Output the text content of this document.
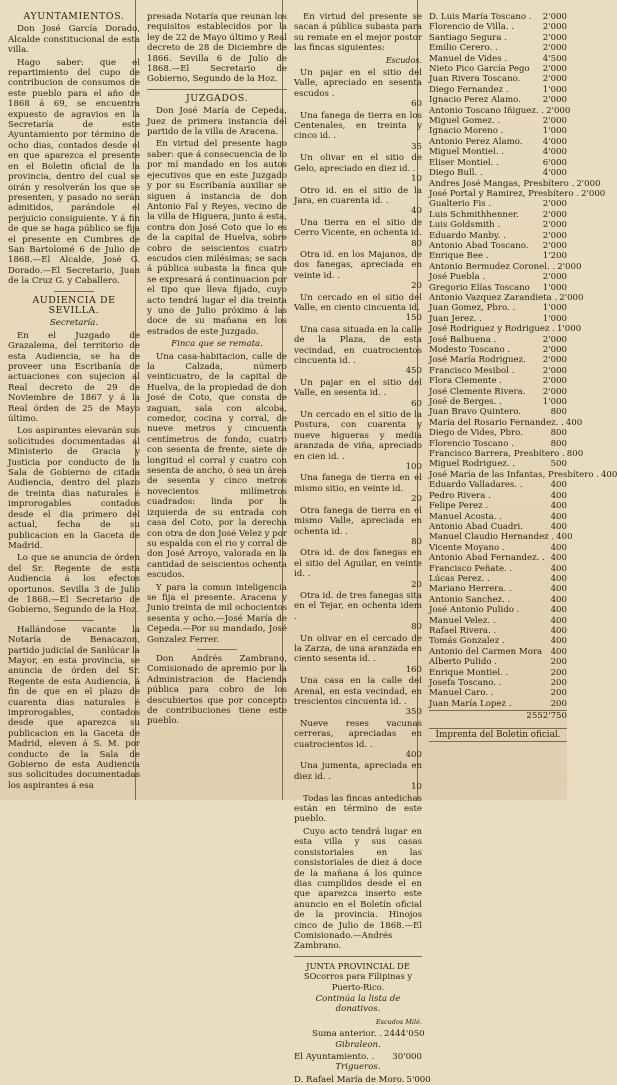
AYUNTAMIENTOS.

Don José García Dorado, Alcalde constitucional de esta villa.

Hago saber: que el repartimiento del cupo de contribucion de consumos de este pueblo para el año de 1868 á 69, se encuentra expuesto de agravios en la Secretaría de este Ayuntamiento por término de ocho dias, contados desde el en que aparezca el presente en el Boletin oficial de la provincia, dentro del cual se oirán y resolverán los que se presenten, y pasado no serán admitidos, parándole el perjuicio consiguiente. Y á fin de que se haga público se fija el presente en Cumbres de San Bartolomé 6 de Julio de 1868.—El Alcalde, José G. Dorado.—El Secretario, Juan de la Cruz G. y Caballero.

AUDIENCIA DE SEVILLA.
Secretaría.

En el Juzgado de Grazalema, del territorio de esta Audiencia, se ha de proveer una Escribanía de actuaciones con sujecion al Real decreto de 29 de Noviembre de 1867 y á la Real órden de 25 de Mayo último.

Los aspirantes elevarán sus solicitudes documentadas al Ministerio de Gracia y Justicia por conducto de la Sala de Gobierno de citada Audiencia, dentro del plazo de treinta dias naturales é improrogables contados desde el dia primero del actual, fecha de su publicacion en la Gaceta de Madrid.

Lo que se anuncia de órden del Sr. Regente de esta Audiencia á los efectos oportunos. Sevilla 3 de Julio de 1868.—El Secretario de Gobierno, Segundo de la Hoz.

Hallándose vacante la Notaría de Benacazon, partido judicial de Sanlúcar la Mayor, en esta provincia, se anuncia de órden del Sr. Regente de esta Audiencia, á fin de que en el plazo de cuarenta dias naturales é improrogables, contados desde que aparezca su publicacion en la Gaceta de Madrid, eleven á S. M. por conducto de la Sala de Gobierno de esta Audiencia sus solicitudes documentadas los aspirantes á esa

presada Notaría que reunan los requisitos establecidos por la ley de 22 de Mayo último y Real decreto de 28 de Diciembre de 1866. Sevilla 6 de Julio de 1868.—El Secretario de Gobierno, Segundo de la Hoz.

JUZGADOS.

Don José María de Cepeda, Juez de primera instancia del partido de la villa de Aracena.

En virtud del presente hago saber: que á consecuencia de lo por mí mandado en los autos ejecutivos que en este Juzgado y por su Escribanía auxiliar se siguen á instancia de don Antonio Fal y Reyes, vecino de la villa de Higuera, junto á esta, contra don José Coto que lo es de la capital de Huelva, sobre cobro de seiscientos cuatro escudos cien milésimas; se saca á pública subasta la finca que se expresará á continuacion por el tipo que lleva fijado, cuyo acto tendrá lugar el dia treinta y uno de Julio próximo á las doce de su mañana en los estrados de este Juzgado.

Finca que se remata.

Una casa-habitacion, calle de la Calzada, número veinticuatro, de la capital de Huelva, de la propiedad de don José de Coto, que consta de zaguan, sala con alcoba, comedor, cocina y corral, de nueve metros y cincuenta centímetros de fondo, cuatro con sesenta de frente, siete de longitud el corral y cuatro con sesenta de ancho, ó sea un área de sesenta y cinco metros novecientos milímetros cuadrados: linda por la izquierda de su entrada con casa del Coto, por la derecha con otra de don José Velez y por su espalda con el rio y corral de don José Arroyo, valorada en la cantidad de seiscientos ochenta escudos.

Y para la comun inteligencia se fija el presente. Aracena y Junio treinta de mil ochocientos sesenta y ocho.—José María de Cepeda.—Por su mandado, José Gonzalez Ferrer.

Don Andrés Zambrano, Comisionado de apremio por la Administracion de Hacienda pública para cobro de los descubiertos que por concepto de contribuciones tiene este pueblo.

En virtud del presente se sacan á pública subasta para su remate en el mejor postor las fincas siguientes:

Escudos.
Un pajar en el sitio del Valle, apreciado en sesenta escudos .
60
Una fanega de tierra en los Centenales, en treinta y cinco id. .
35
Un olivar en el sitio de Gelo, apreciado en diez id. .
10
Otro id. en el sitio de la Jara, en cuarenta id. .
40
Una tierra en el sitio de Cerro Vicente, en ochenta id.
80
Otra id. en los Majanos, de dos fanegas, apreciada en veinte id. .
20
Un cercado en el sitio del Valle, en ciento cincuenta id.
150
Una casa situada en la calle de la Plaza, de esta vecindad, en cuatrocientos cincuenta id. .
450
Un pajar en el sitio del Valle, en sesenta id. .
60
Un cercado en el sitio de la Postura, con cuarenta y nueve higueras y media aranzada de viña, apreciado en cien id. .
100
Una fanega de tierra en el mismo sitio, en veinte id.
20
Otra fanega de tierra en el mismo Valle, apreciada en ochenta id. .
80
Otra id. de dos fanegas en el sitio del Aguilar, en veinte id. .
20
Otra id. de tres fanegas sita en el Tejar, en ochenta idem .
80
Un olivar en el cercado de la Zarza, de una aranzada en ciento sesenta id. .
160
Una casa en la calle del Arenal, en esta vecindad, en trescientos cincuenta id. .
350
Nueve reses vacunas cerreras, apreciadas en cuatrocientos id. .
400
Una jumenta, apreciada en diez id. .
10

Todas las fincas antedichas están en término de este pueblo.

Cuyo acto tendrá lugar en esta villa y sus casas consistoriales en las consistoriales de diez á doce de la mañana á los quince dias cumplidos desde el en que aparezca inserto este anuncio en el Boletín oficial de la provincia. Hinojos cinco de Julio de 1868.—El Comisionado.—Andrés Zambrano.

JUNTA PROVINCIAL DE SOcorros para Filipinas y Puerto-Rico.
Continúa la lista de donativos.
Escudos Milé.
Suma anterior. . 2444'050
Gibraleon.
El Ayuntamiento. . 30'000
Trigueros.
D. Rafael María de Moro. 5'000
D. Luis María Toscano . 2'000
Florencio de Villa. .	2'000
Santiago Segura .	2'000
Emilio Cerero. .	2'000
Manuel de Vides .	4'500
Nieto Pico García Pego 2'000
Juan Rivera Toscano.	2'000
Diego Fernandez .	1'000
Ignacio Perez Alamo.	2'000
Antonio Toscano Iñiguez. . 2'000
Miguel Gomez. .	2'000
Ignacio Moreno .	1'000
Antonio Perez Alamo. 4'000
Miguel Montiel. .	4'000
Eliser Montiel. .	6'000
Diego Bull. .	4'000
Andres José Mangas, Presbítero . 2'000
José Portal y Ramirez, Presbítero . 2'000
Gualterio Fis .	2'000
Luis Schmithhenner.	2'000
Luis Goldsmith .	2'000
Eduardo Manby. .	2'000
Antonio Abad Toscano. 2'000
Enrique Bee .	1'200
Antonio Bermudez Coronel. . 2'000
José Puebla .	2'000
Gregorio Elías Toscano 1'000
Antonio Vazquez Zarandieta . 2'000
Juan Gomez, Pbro. .	1'000
Juan Jerez. .	1'000
José Rodriguez y Rodriguez . 1'000
José Balbuena .	2'000
Modesto Toscano .	2'000
José María Rodriguez. 2'000
Francisco Mesibol .	2'000
Flora Clemente .	2'000
José Clemente Rivera. 2'000
José de Berges. .	1'000
Juan Bravo Quintero.	800
María del Rosario Fernandez. . 400
Diego de Vides, Pbro.	800
Florencio Toscano .	800
Francisco Barrera, Presbítero . 800
Miguel Rodriguez. .	500
José María de las Infantas, Presbítero . 400
Eduardo Valladares. .	400
Pedro Rivera .	400
Felipe Perez .	400
Manuel Acosta. .	400
Antonio Abad Cuadri.	400
Manuel Claudio Hernandez . 400
Vicente Moyano .	400
Antonio Abad Fernandez. . 400
Francisco Peñate. .	400
Lúcas Perez. .	400
Mariano Herrera. .	400
Antonio Sanchez. .	400
José Antonio Pulido .	400
Manuel Velez. .	400
Rafael Rivera. .	400
Tomás Gonzalez .	400
Antonio del Carmen Mora 400
Alberto Pulido .	200
Enrique Montiel. .	200
Josefa Toscano. .	200
Manuel Caro. .	200
Juan María Lopez .	200
2552'750
Imprenta del Boletin oficial.
